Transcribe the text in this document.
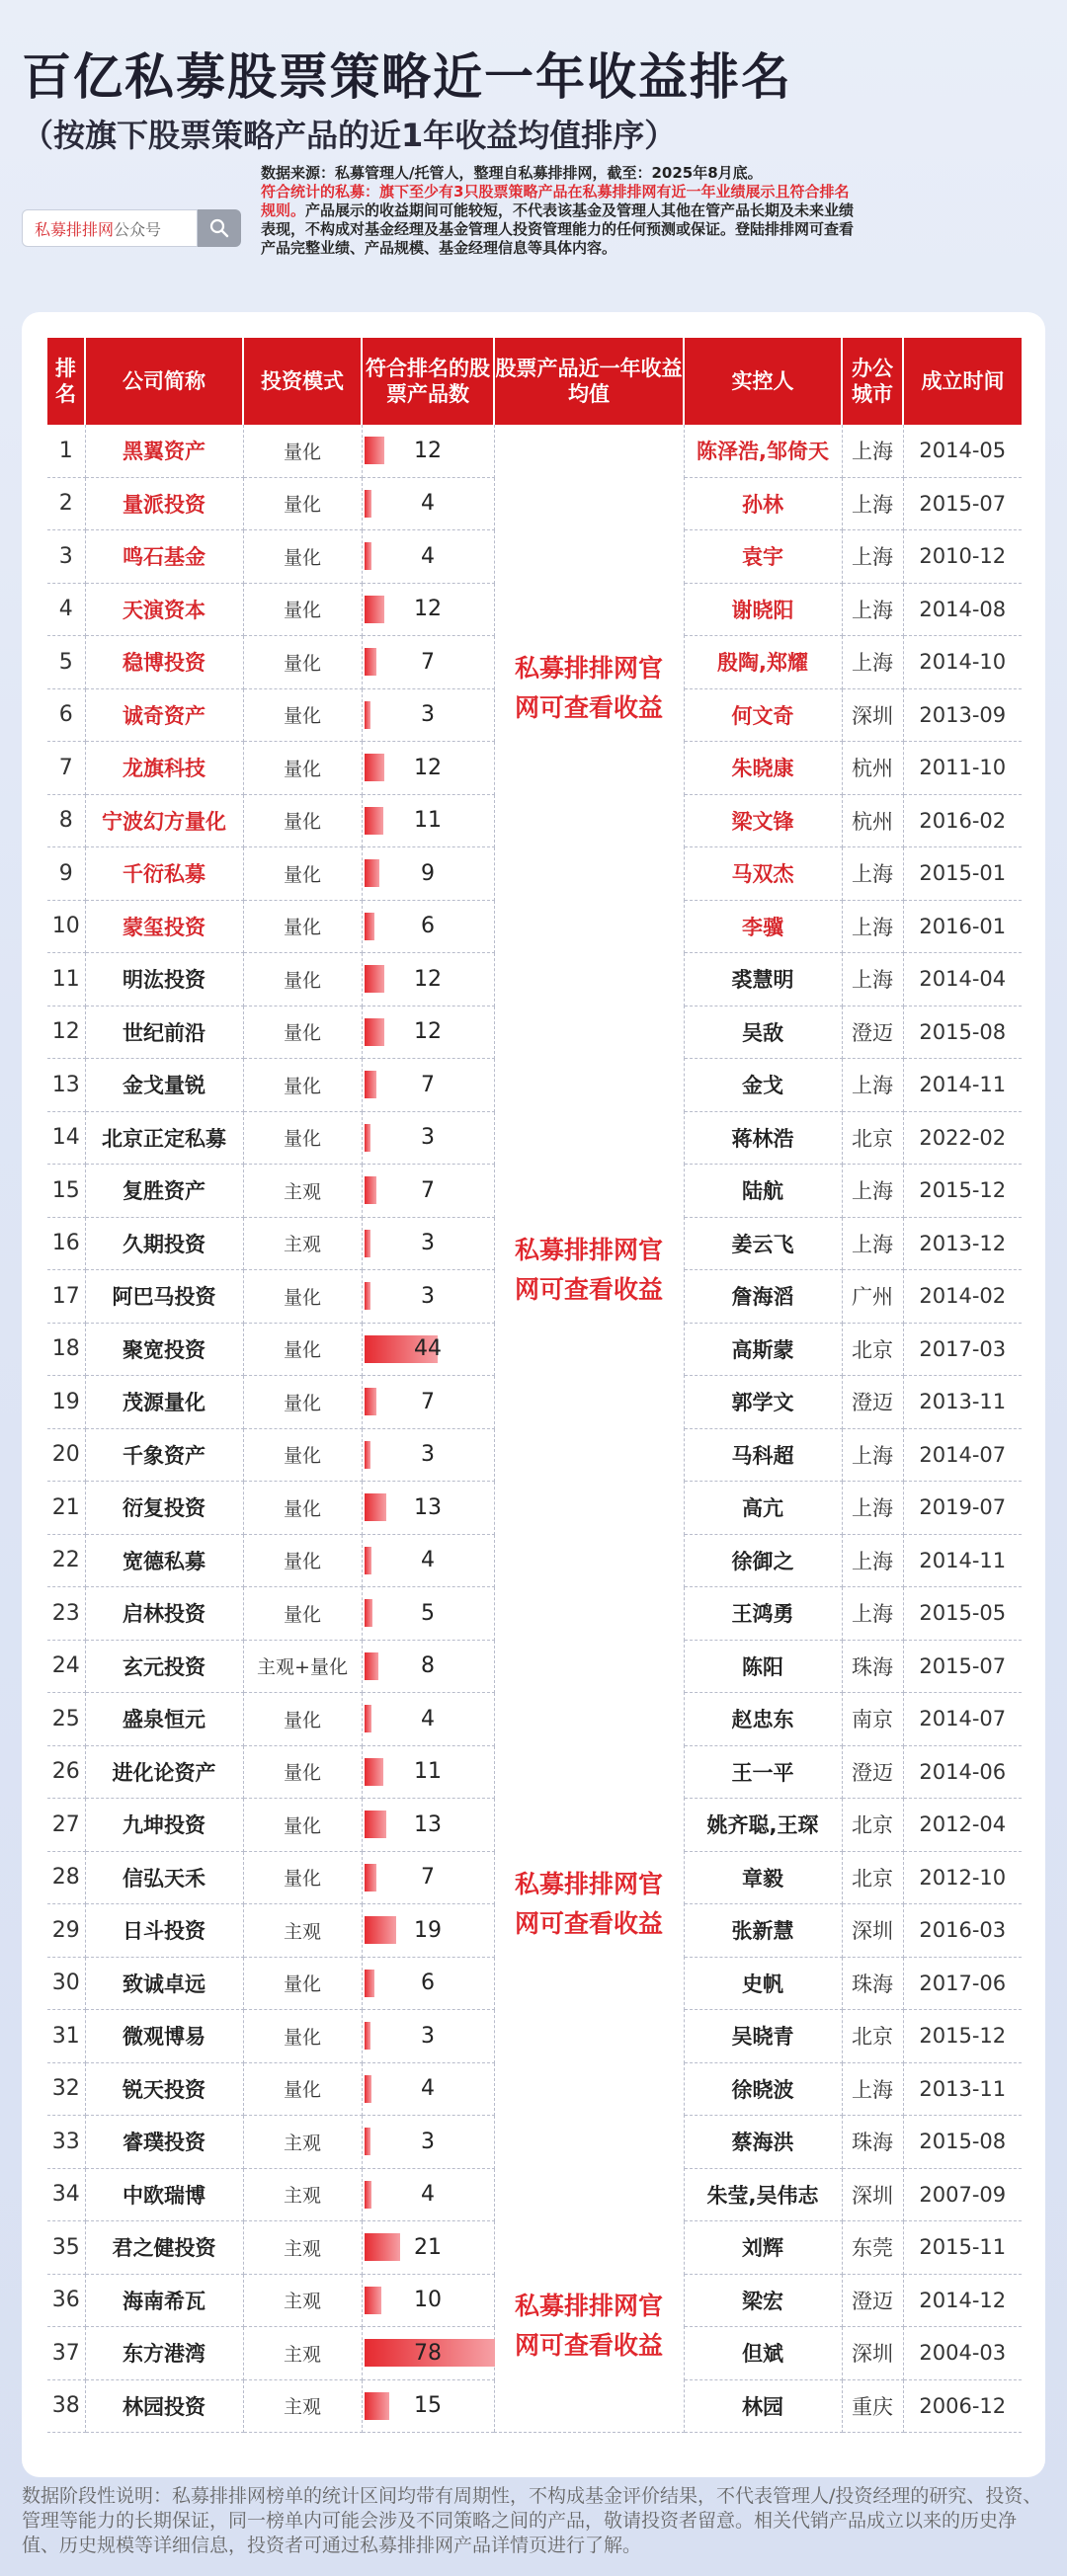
百亿私募股票策略近一年收益排名
（按旗下股票策略产品的近1年收益均值排序）
私募排排网 公众号
数据来源：私募管理人/托管人，整理自私募排排网，截至：2025年8月底。
符合统计的私募：旗下至少有3只股票策略产品在私募排排网有近一年业绩展示且符合排名规则。产品展示的收益期间可能较短，不代表该基金及管理人其他在管产品长期及未来业绩表现，不构成对基金经理及基金管理人投资管理能力的任何预测或保证。登陆排排网可查看产品完整业绩、产品规模、基金经理信息等具体内容。
排名	公司简称	投资模式	符合排名的股票产品数	股票产品近一年收益均值	实控人	办公城市	成立时间
1	黑翼资产	量化	12	私募排排网官网可查看收益	陈泽浩,邹倚天	上海	2014-05
2	量派投资	量化	4		孙林	上海	2015-07
3	鸣石基金	量化	4		袁宇	上海	2010-12
4	天演资本	量化	12		谢晓阳	上海	2014-08
5	稳博投资	量化	7		殷陶,郑耀	上海	2014-10
6	诚奇资产	量化	3		何文奇	深圳	2013-09
7	龙旗科技	量化	12		朱晓康	杭州	2011-10
8	宁波幻方量化	量化	11		梁文锋	杭州	2016-02
9	千衍私募	量化	9		马双杰	上海	2015-01
10	蒙玺投资	量化	6		李骥	上海	2016-01
11	明汯投资	量化	12	私募排排网官网可查看收益	裘慧明	上海	2014-04
12	世纪前沿	量化	12		吴敌	澄迈	2015-08
13	金戈量锐	量化	7		金戈	上海	2014-11
14	北京正定私募	量化	3		蒋林浩	北京	2022-02
15	复胜资产	主观	7		陆航	上海	2015-12
16	久期投资	主观	3		姜云飞	上海	2013-12
17	阿巴马投资	量化	3		詹海滔	广州	2014-02
18	聚宽投资	量化	44		高斯蒙	北京	2017-03
19	茂源量化	量化	7		郭学文	澄迈	2013-11
20	千象资产	量化	3		马科超	上海	2014-07
21	衍复投资	量化	13		高亢	上海	2019-07
22	宽德私募	量化	4		徐御之	上海	2014-11
23	启林投资	量化	5	私募排排网官网可查看收益	王鸿勇	上海	2015-05
24	玄元投资	主观+量化	8		陈阳	珠海	2015-07
25	盛泉恒元	量化	4		赵忠东	南京	2014-07
26	进化论资产	量化	11		王一平	澄迈	2014-06
27	九坤投资	量化	13		姚齐聪,王琛	北京	2012-04
28	信弘天禾	量化	7		章毅	北京	2012-10
29	日斗投资	主观	19		张新慧	深圳	2016-03
30	致诚卓远	量化	6		史帆	珠海	2017-06
31	微观博易	量化	3		吴晓青	北京	2015-12
32	锐天投资	量化	4		徐晓波	上海	2013-11
33	睿璞投资	主观	3		蔡海洪	珠海	2015-08
34	中欧瑞博	主观	4		朱莹,吴伟志	深圳	2007-09
35	君之健投资	主观	21	私募排排网官网可查看收益	刘辉	东莞	2015-11
36	海南希瓦	主观	10		梁宏	澄迈	2014-12
37	东方港湾	主观	78		但斌	深圳	2004-03
38	林园投资	主观	15		林园	重庆	2006-12
数据阶段性说明：私募排排网榜单的统计区间均带有周期性，不构成基金评价结果，不代表管理人/投资经理的研究、投资、管理等能力的长期保证，同一榜单内可能会涉及不同策略之间的产品，敬请投资者留意。相关代销产品成立以来的历史净值、历史规模等详细信息，投资者可通过私募排排网产品详情页进行了解。
